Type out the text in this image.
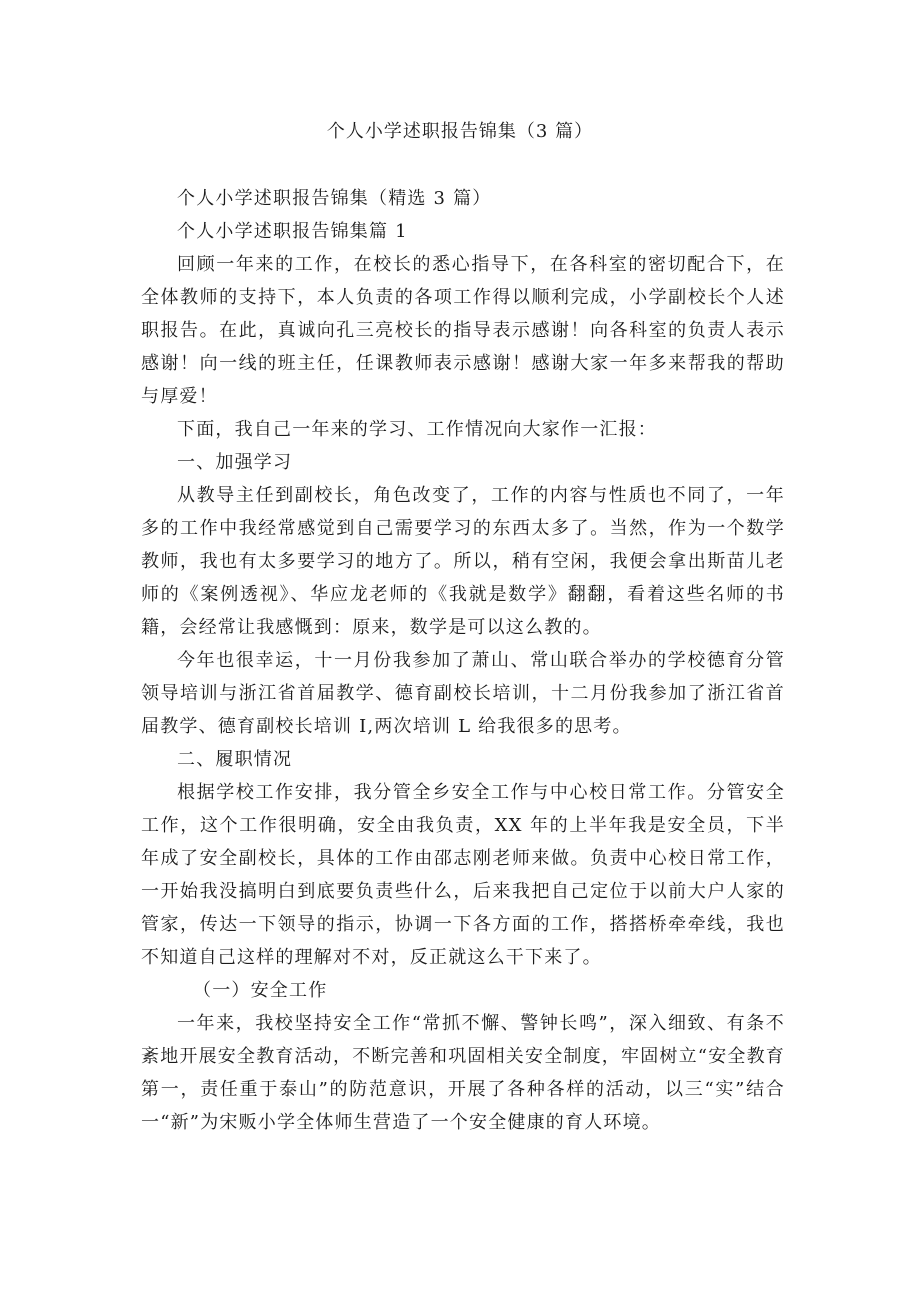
个人小学述职报告锦集（3 篇）

个人小学述职报告锦集（精选 3 篇）

个人小学述职报告锦集篇 1

回顾一年来的工作，在校长的悉心指导下，在各科室的密切配合下，在全体教师的支持下，本人负责的各项工作得以顺利完成，小学副校长个人述职报告。在此，真诚向孔三亮校长的指导表示感谢！向各科室的负责人表示感谢！向一线的班主任，任课教师表示感谢！感谢大家一年多来帮我的帮助与厚爱！

下面，我自己一年来的学习、工作情况向大家作一汇报：

一、加强学习

从教导主任到副校长，角色改变了，工作的内容与性质也不同了，一年多的工作中我经常感觉到自己需要学习的东西太多了。当然，作为一个数学教师，我也有太多要学习的地方了。所以，稍有空闲，我便会拿出斯苗儿老师的《案例透视》、华应龙老师的《我就是数学》翻翻，看着这些名师的书籍，会经常让我感慨到：原来，数学是可以这么教的。

今年也很幸运，十一月份我参加了萧山、常山联合举办的学校德育分管领导培训与浙江省首届教学、德育副校长培训，十二月份我参加了浙江省首届教学、德育副校长培训 I,两次培训 L 给我很多的思考。

二、履职情况

根据学校工作安排，我分管全乡安全工作与中心校日常工作。分管安全工作，这个工作很明确，安全由我负责，XX 年的上半年我是安全员，下半年成了安全副校长，具体的工作由邵志刚老师来做。负责中心校日常工作，一开始我没搞明白到底要负责些什么，后来我把自己定位于以前大户人家的管家，传达一下领导的指示，协调一下各方面的工作，搭搭桥牵牵线，我也不知道自己这样的理解对不对，反正就这么干下来了。

（一）安全工作

一年来，我校坚持安全工作“常抓不懈、警钟长鸣”，深入细致、有条不紊地开展安全教育活动，不断完善和巩固相关安全制度，牢固树立“安全教育第一，责任重于泰山”的防范意识，开展了各种各样的活动，以三“实”结合一“新”为宋贩小学全体师生营造了一个安全健康的育人环境。
